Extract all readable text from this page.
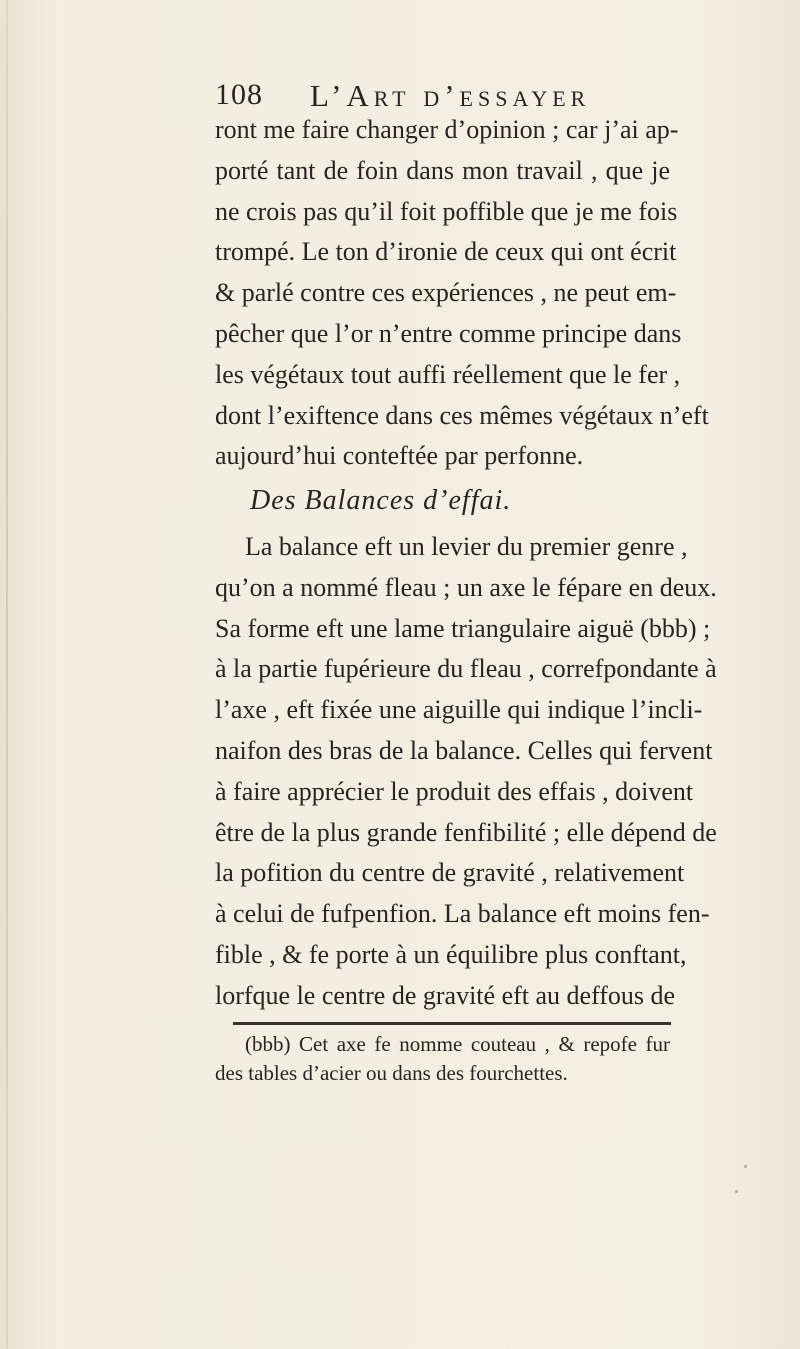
108 L’Art d’essayer
ront me faire changer d’opinion ; car j’ai ap-
porté tant de foin dans mon travail , que je
ne crois pas qu’il foit poffible que je me fois
trompé. Le ton d’ironie de ceux qui ont écrit
& parlé contre ces expériences , ne peut em-
pêcher que l’or n’entre comme principe dans
les végétaux tout auffi réellement que le fer ,
dont l’exiftence dans ces mêmes végétaux n’eft
aujourd’hui conteftée par perfonne.
Des Balances d’effai.
La balance eft un levier du premier genre ,
qu’on a nommé fleau ; un axe le fépare en deux.
Sa forme eft une lame triangulaire aiguë (bbb) ;
à la partie fupérieure du fleau , correfpondante à
l’axe , eft fixée une aiguille qui indique l’incli-
naifon des bras de la balance. Celles qui fervent
à faire apprécier le produit des effais , doivent
être de la plus grande fenfibilité ; elle dépend de
la pofition du centre de gravité , relativement
à celui de fufpenfion. La balance eft moins fen-
fible , & fe porte à un équilibre plus conftant,
lorfque le centre de gravité eft au deffous de
(bbb) Cet axe fe nomme couteau , & repofe fur
des tables d’acier ou dans des fourchettes.
